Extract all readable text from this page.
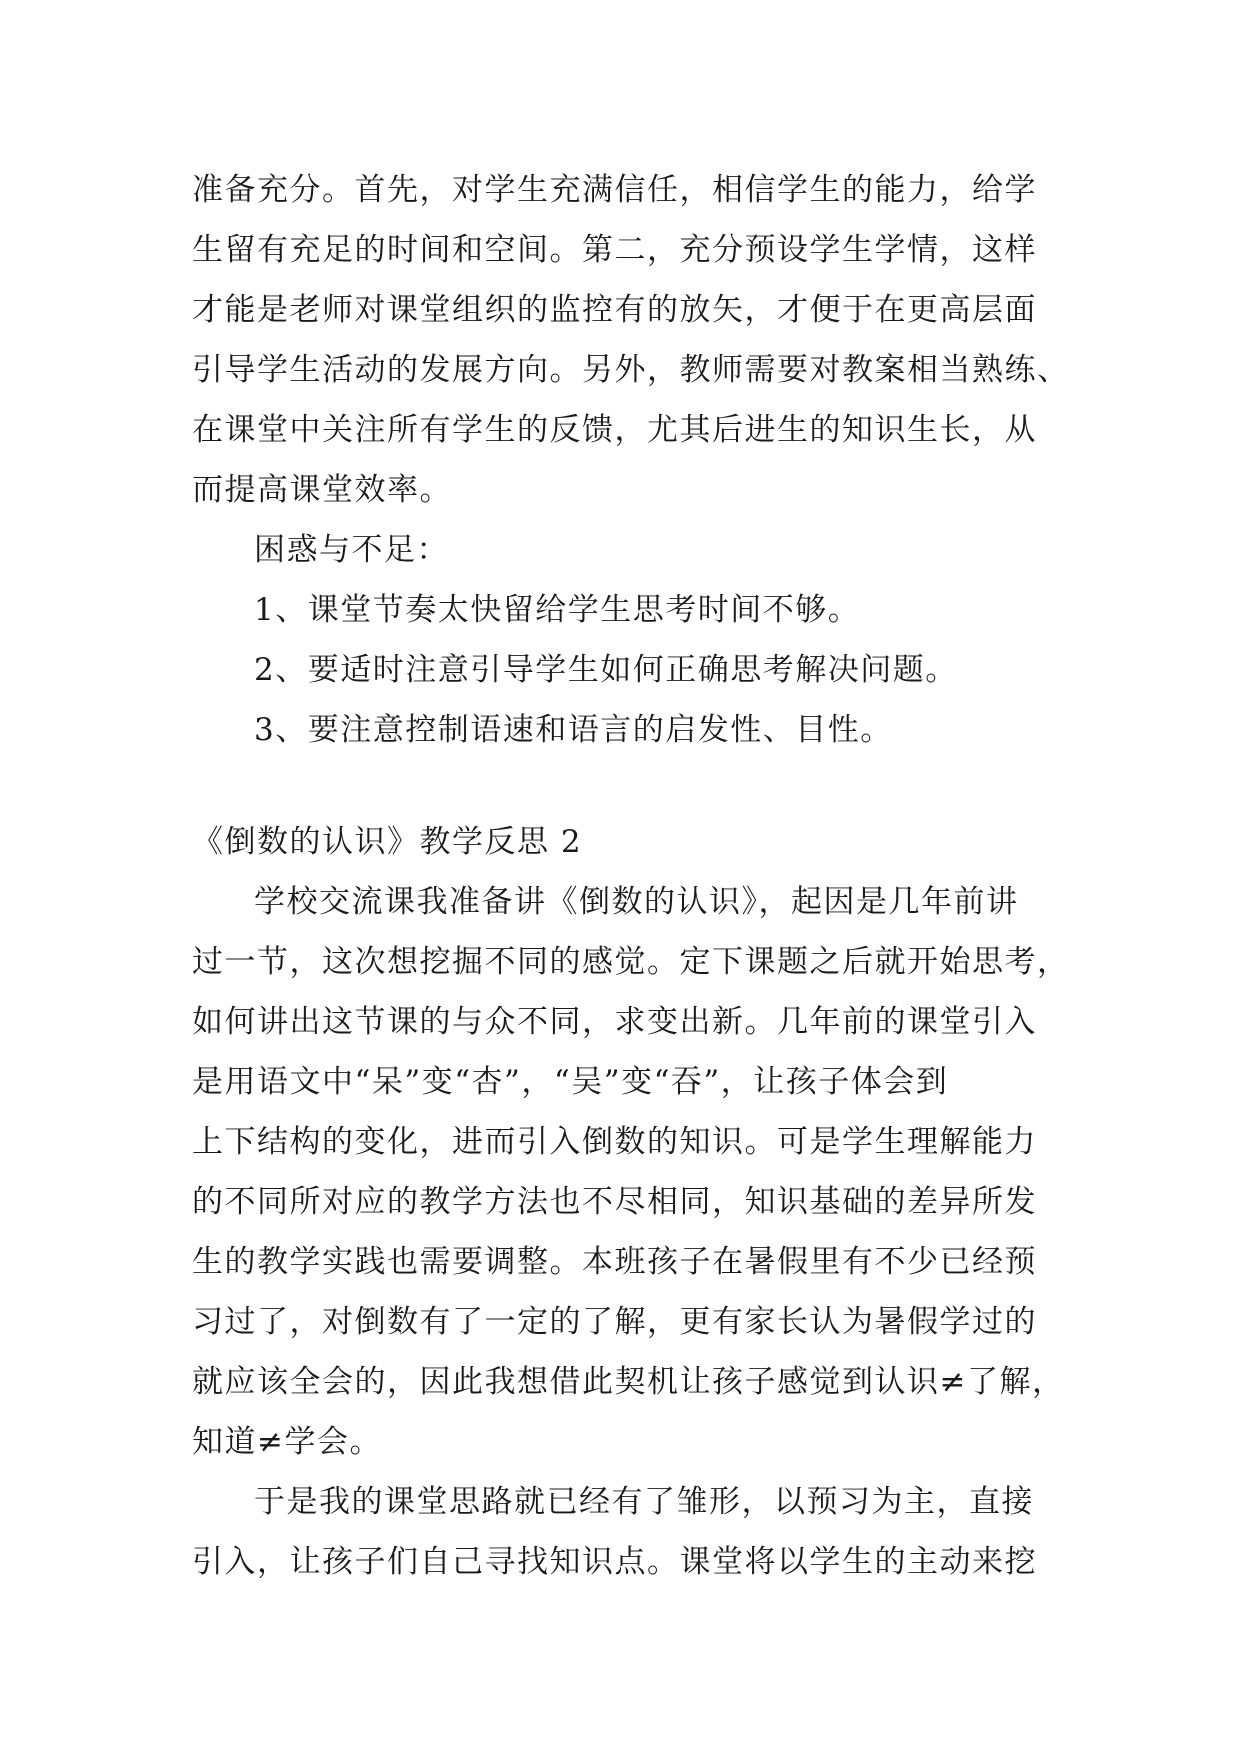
准备充分。首先，对学生充满信任，相信学生的能力，给学
生留有充足的时间和空间。第二，充分预设学生学情，这样
才能是老师对课堂组织的监控有的放矢，才便于在更高层面
引导学生活动的发展方向。另外，教师需要对教案相当熟练、
在课堂中关注所有学生的反馈，尤其后进生的知识生长，从
而提高课堂效率。
困惑与不足：
1、课堂节奏太快留给学生思考时间不够。
2、要适时注意引导学生如何正确思考解决问题。
3、要注意控制语速和语言的启发性、目性。
《倒数的认识》教学反思 2
学校交流课我准备讲《倒数的认识》，起因是几年前讲
过一节，这次想挖掘不同的感觉。定下课题之后就开始思考，
如何讲出这节课的与众不同，求变出新。几年前的课堂引入
是用语文中“呆”变“杏”，“吴”变“吞”，让孩子体会到
上下结构的变化，进而引入倒数的知识。可是学生理解能力
的不同所对应的教学方法也不尽相同，知识基础的差异所发
生的教学实践也需要调整。本班孩子在暑假里有不少已经预
习过了，对倒数有了一定的了解，更有家长认为暑假学过的
就应该全会的，因此我想借此契机让孩子感觉到认识≠了解，
知道≠学会。
于是我的课堂思路就已经有了雏形，以预习为主，直接
引入，让孩子们自己寻找知识点。课堂将以学生的主动来挖
